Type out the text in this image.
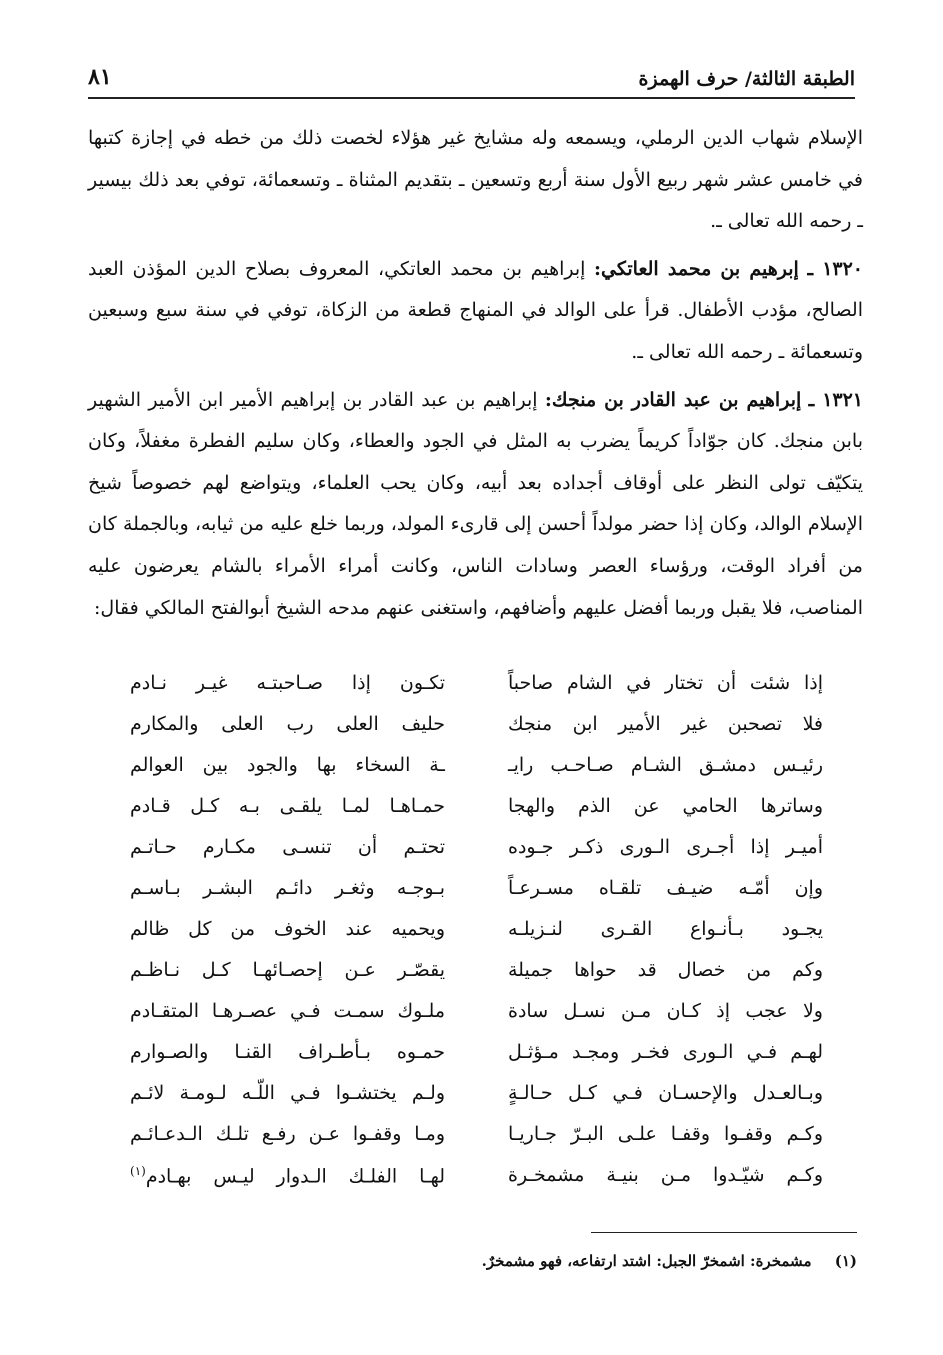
الطبقة الثالثة/ حرف الهمزة
٨١

الإسلام شهاب الدين الرملي، ويسمعه وله مشايخ غير هؤلاء لخصت ذلك من خطه في إجازة كتبها في خامس عشر شهر ربيع الأول سنة أربع وتسعين ـ بتقديم المثناة ـ وتسعمائة، توفي بعد ذلك بيسير ـ رحمه الله تعالى ـ.

١٣٢٠ ـ إبرهيم بن محمد العاتكي: إبراهيم بن محمد العاتكي، المعروف بصلاح الدين المؤذن العبد الصالح، مؤدب الأطفال. قرأ على الوالد في المنهاج قطعة من الزكاة، توفي في سنة سبع وسبعين وتسعمائة ـ رحمه الله تعالى ـ.

١٣٢١ ـ إبراهيم بن عبد القادر بن منجك: إبراهيم بن عبد القادر بن إبراهيم الأمير ابن الأمير الشهير بابن منجك. كان جوّاداً كريماً يضرب به المثل في الجود والعطاء، وكان سليم الفطرة مغفلاً، وكان يتكيّف تولى النظر على أوقاف أجداده بعد أبيه، وكان يحب العلماء، ويتواضع لهم خصوصاً شيخ الإسلام الوالد، وكان إذا حضر مولداً أحسن إلى قارىء المولد، وربما خلع عليه من ثيابه، وبالجملة كان من أفراد الوقت، ورؤساء العصر وسادات الناس، وكانت أمراء الأمراء بالشام يعرضون عليه المناصب، فلا يقبل وربما أفضل عليهم وأضافهم، واستغنى عنهم مدحه الشيخ أبوالفتح المالكي فقال:

إذا شئت أن تختار في الشام صاحباً
تكـون إذا صـاحبتـه غيـر نـادم
فلا تصحبن غير الأمير ابن منجك
حليف العلى رب العلى والمكارم
رئيـس دمشـق الشـام صـاحـب رايـ
ـة السخاء بها والجود بين العوالم
وساترها الحامي عن الذم والهجا
حمـاهـا لمـا يلقـى بـه كـل قـادم
أميـر إذا أجـرى الـورى ذكـر جـوده
تحتـم أن تنسـى مكـارم حـاتـم
وإن أمّـه ضيـف تلقـاه مسـرعـاً
بـوجـه وثغـر دائـم البشـر بـاسـم
يجـود بـأنـواع القـرى لنـزيلـه
ويحميه عند الخوف من كل ظالم
وكم من خصال قد حواها جميلة
يقصّـر عـن إحصـائهـا كـل نـاظـم
ولا عجب إذ كـان مـن نسـل سادة
ملـوك سمـت فـي عصـرهـا المتقـادم
لهـم فـي الـورى فخـر ومجـد مـؤثـل
حمـوه بـأطـراف القنـا والصـوارم
وبـالعـدل والإحسـان فـي كـل حـالـةٍ
ولـم يختشـوا فـي اللّـه لـومـة لائـم
وكـم وقفـوا وقفـا علـى البـرّ جـاريـا
ومـا وقفـوا عـن رفـع تلـك الـدعـائـم
وكـم شيّـدوا مـن بنيـة مشمخـرة
لهـا الفلـك الـدوار ليـس بهـادم$^{(١)}$
(١) مشمخرة: اشمخرّ الجبل: اشتد ارتفاعه، فهو مشمخرٌ.
